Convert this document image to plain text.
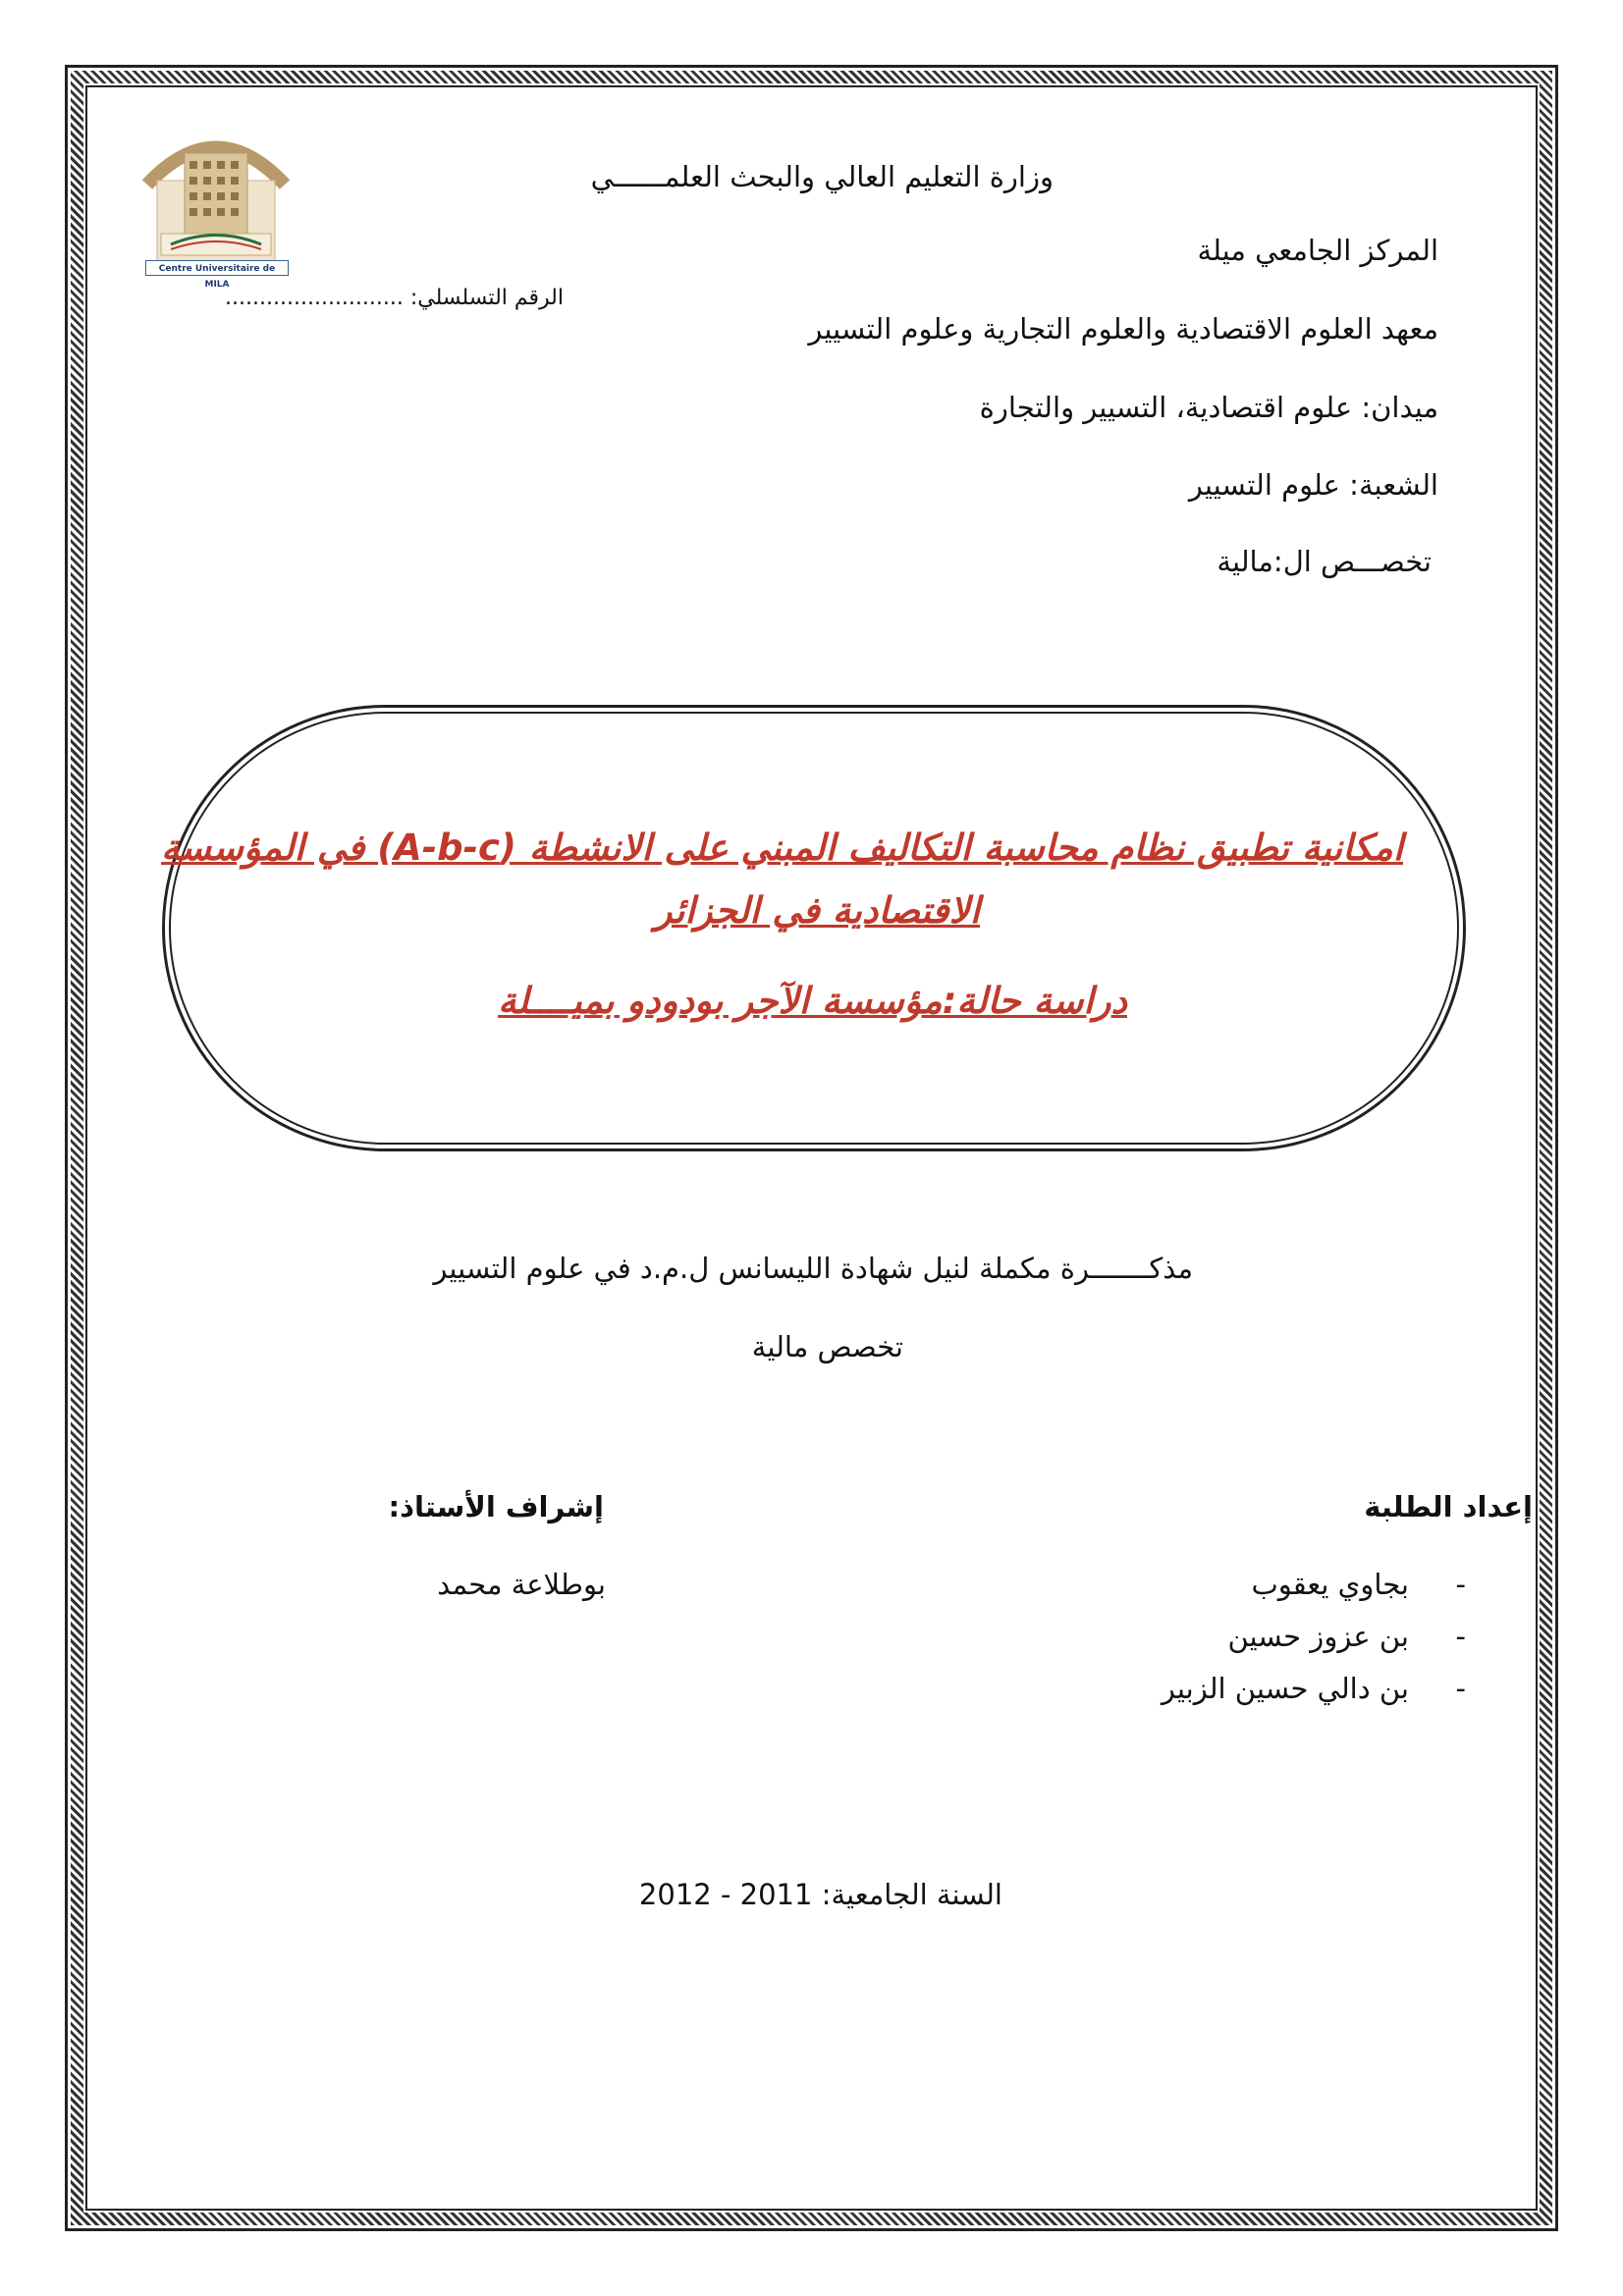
Centre Universitaire de MILA
وزارة التعليم العالي والبحث العلمــــــي
المركز الجامعي ميلة
الرقم التسلسلي: ..........................
معهد العلوم الاقتصادية والعلوم التجارية وعلوم التسيير
ميدان: علوم اقتصادية، التسيير والتجارة
الشعبة: علوم التسيير
تخصـــص ال:مالية
امكانية تطبيق نظام محاسبة التكاليف المبني على الانشطة (A-b-c) في المؤسسة
الاقتصادية في الجزائر
دراسة حالة:مؤسسة الآجر بودودو بميــــلة
مذكـــــــرة مكملة لنيل شهادة الليسانس ل.م.د في علوم التسيير
تخصص مالية
إعداد الطلبة
إشراف الأستاذ:
-
بجاوي يعقوب
بوطلاعة محمد
-
بن عزوز حسين
-
بن دالي حسين الزبير
السنة الجامعية: 2011 - 2012
